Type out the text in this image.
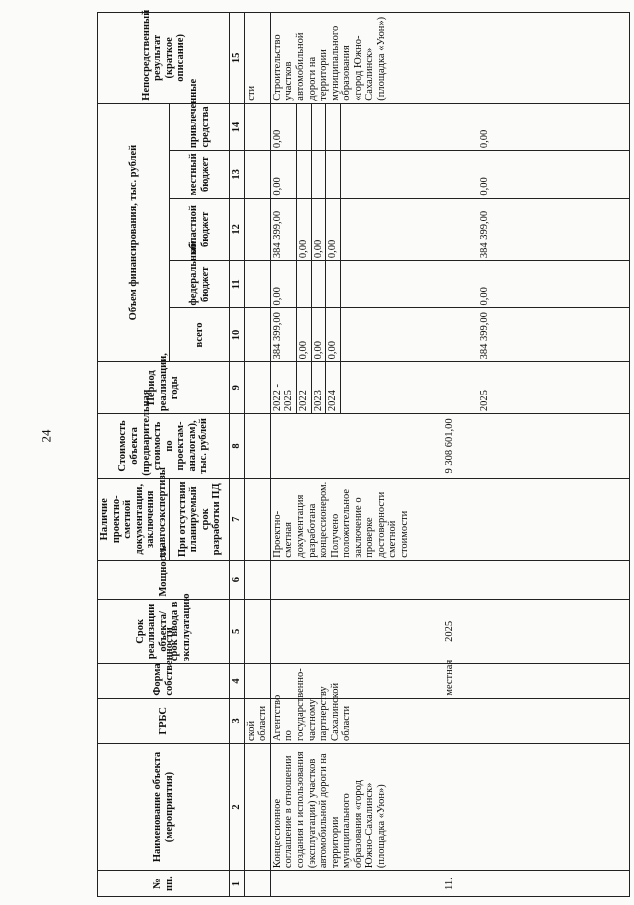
24
№ пп.	Наименование объекта (мероприятия)	ГРБС	Форма собственности	Срок реализации объекта/срок ввода в эксплуатацию	Мощность	Наличие проектно-сметной документации, заключения главгосэкспертизы	Стоимость объекта (предварительная стоимость по проектам-аналогам), тыс. рублей	Период реализации, годы	Объем финансирования, тыс. рублей					Непосредственный результат (краткое описание)
						При отсутствии планируемый срок разработки ПД			всего	федеральный бюджет	областной бюджет	местный бюджет	привлеченные средства	
1	2	3	4	5	6	7	8	9	10	11	12	13	14	15
		ской области												сти
11.	Концессионное соглашение в отношении создания и использования (эксплуатации) участков автомобильной дороги на территории муниципального образования «город Южно-Сахалинск» (площадка «Уюн»)	Агентство по государственно-частному партнерству Сахалинской области	местная	2025		Проектно-сметная документация разработана концессионером. Получено положительное заключение о проверке достоверности сметной стоимости	9 308 601,00	2022 - 2025	384 399,00	0,00	384 399,00	0,00	0,00	Строительство участков автомобильной дороги на территории муниципального образования «город Южно-Сахалинск» (площадка «Уюн»)
								2022	0,00		0,00			
								2023	0,00		0,00			
								2024	0,00		0,00			
								2025	384 399,00	0,00	384 399,00	0,00	0,00	
